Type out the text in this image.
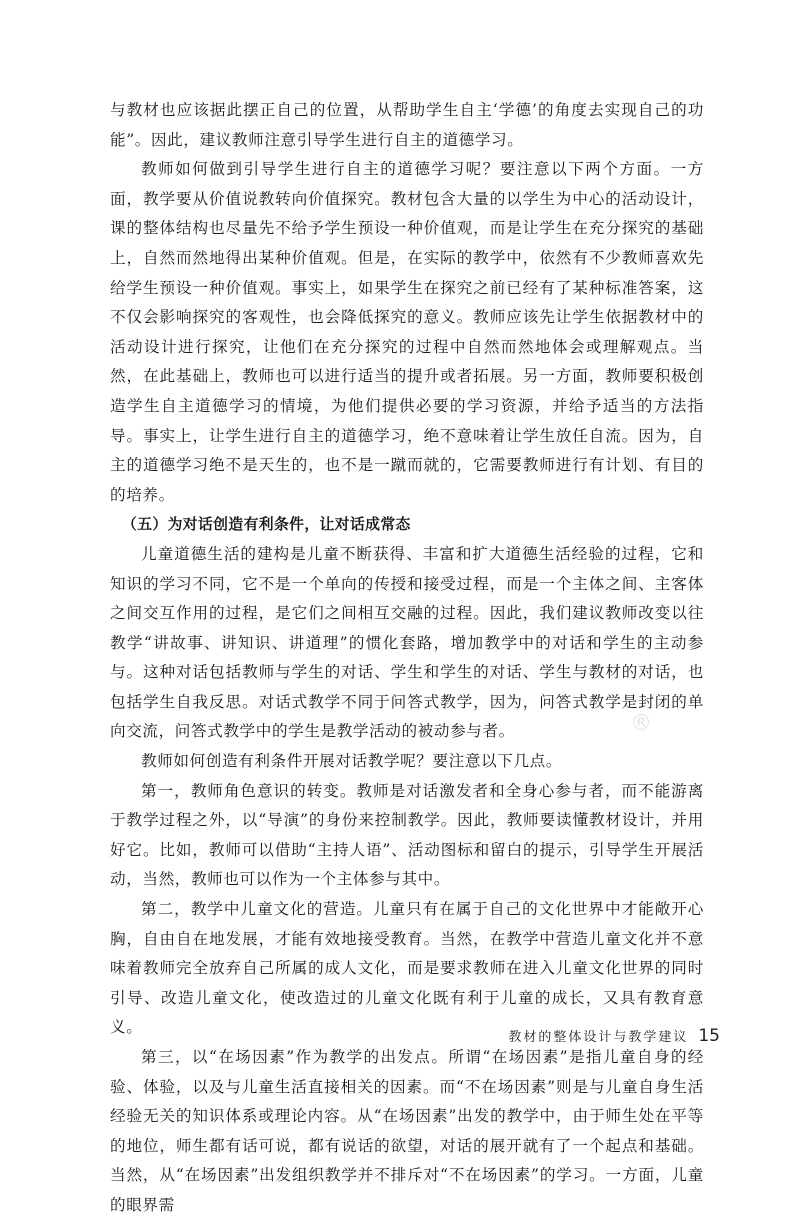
与教材也应该据此摆正自己的位置，从帮助学生自主‘学德’的角度去实现自己的功能”。因此，建议教师注意引导学生进行自主的道德学习。

教师如何做到引导学生进行自主的道德学习呢？要注意以下两个方面。一方面，教学要从价值说教转向价值探究。教材包含大量的以学生为中心的活动设计，课的整体结构也尽量先不给予学生预设一种价值观，而是让学生在充分探究的基础上，自然而然地得出某种价值观。但是，在实际的教学中，依然有不少教师喜欢先给学生预设一种价值观。事实上，如果学生在探究之前已经有了某种标准答案，这不仅会影响探究的客观性，也会降低探究的意义。教师应该先让学生依据教材中的活动设计进行探究，让他们在充分探究的过程中自然而然地体会或理解观点。当然，在此基础上，教师也可以进行适当的提升或者拓展。另一方面，教师要积极创造学生自主道德学习的情境，为他们提供必要的学习资源，并给予适当的方法指导。事实上，让学生进行自主的道德学习，绝不意味着让学生放任自流。因为，自主的道德学习绝不是天生的，也不是一蹴而就的，它需要教师进行有计划、有目的的培养。

（五）为对话创造有利条件，让对话成常态

儿童道德生活的建构是儿童不断获得、丰富和扩大道德生活经验的过程，它和知识的学习不同，它不是一个单向的传授和接受过程，而是一个主体之间、主客体之间交互作用的过程，是它们之间相互交融的过程。因此，我们建议教师改变以往教学“讲故事、讲知识、讲道理”的惯化套路，增加教学中的对话和学生的主动参与。这种对话包括教师与学生的对话、学生和学生的对话、学生与教材的对话，也包括学生自我反思。对话式教学不同于问答式教学，因为，问答式教学是封闭的单向交流，问答式教学中的学生是教学活动的被动参与者。

教师如何创造有利条件开展对话教学呢？要注意以下几点。

第一，教师角色意识的转变。教师是对话激发者和全身心参与者，而不能游离于教学过程之外，以“导演”的身份来控制教学。因此，教师要读懂教材设计，并用好它。比如，教师可以借助“主持人语”、活动图标和留白的提示，引导学生开展活动，当然，教师也可以作为一个主体参与其中。

第二，教学中儿童文化的营造。儿童只有在属于自己的文化世界中才能敞开心胸，自由自在地发展，才能有效地接受教育。当然，在教学中营造儿童文化并不意味着教师完全放弃自己所属的成人文化，而是要求教师在进入儿童文化世界的同时引导、改造儿童文化，使改造过的儿童文化既有利于儿童的成长，又具有教育意义。

第三，以“在场因素”作为教学的出发点。所谓“在场因素”是指儿童自身的经验、体验，以及与儿童生活直接相关的因素。而“不在场因素”则是与儿童自身生活经验无关的知识体系或理论内容。从“在场因素”出发的教学中，由于师生处在平等的地位，师生都有话可说，都有说话的欲望，对话的展开就有了一个起点和基础。当然，从“在场因素”出发组织教学并不排斥对“不在场因素”的学习。一方面，儿童的眼界需

®
教材的整体设计与教学建议 15
